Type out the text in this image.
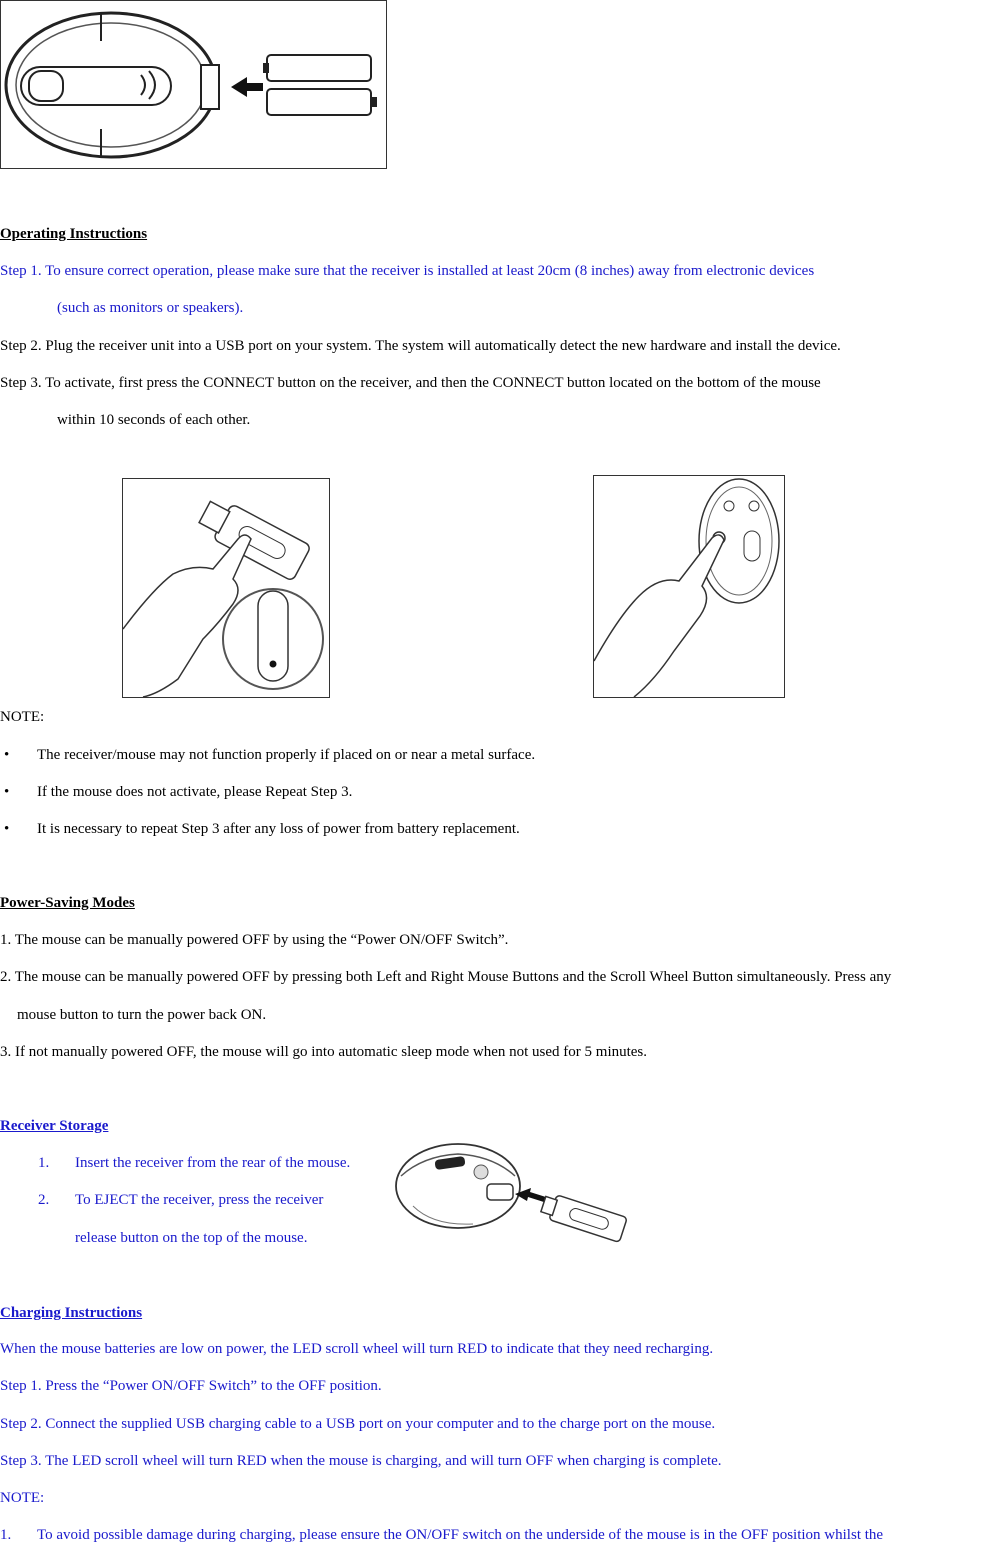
Operating Instructions
Step 1. To ensure correct operation, please make sure that the receiver is installed at least 20cm (8 inches) away from electronic devices
(such as monitors or speakers).
Step 2. Plug the receiver unit into a USB port on your system. The system will automatically detect the new hardware and install the device.
Step 3. To activate, first press the CONNECT button on the receiver, and then the CONNECT button located on the bottom of the mouse
within 10 seconds of each other.
NOTE:
• The receiver/mouse may not function properly if placed on or near a metal surface.
• If the mouse does not activate, please Repeat Step 3.
• It is necessary to repeat Step 3 after any loss of power from battery replacement.
Power-Saving Modes
1. The mouse can be manually powered OFF by using the “Power ON/OFF Switch”.
2. The mouse can be manually powered OFF by pressing both Left and Right Mouse Buttons and the Scroll Wheel Button simultaneously. Press any
mouse button to turn the power back ON.
3. If not manually powered OFF, the mouse will go into automatic sleep mode when not used for 5 minutes.
Receiver Storage
1. Insert the receiver from the rear of the mouse.
2. To EJECT the receiver, press the receiver
release button on the top of the mouse.
Charging Instructions
When the mouse batteries are low on power, the LED scroll wheel will turn RED to indicate that they need recharging.
Step 1. Press the “Power ON/OFF Switch” to the OFF position.
Step 2. Connect the supplied USB charging cable to a USB port on your computer and to the charge port on the mouse.
Step 3. The LED scroll wheel will turn RED when the mouse is charging, and will turn OFF when charging is complete.
NOTE:
1. To avoid possible damage during charging, please ensure the ON/OFF switch on the underside of the mouse is in the OFF position whilst the
